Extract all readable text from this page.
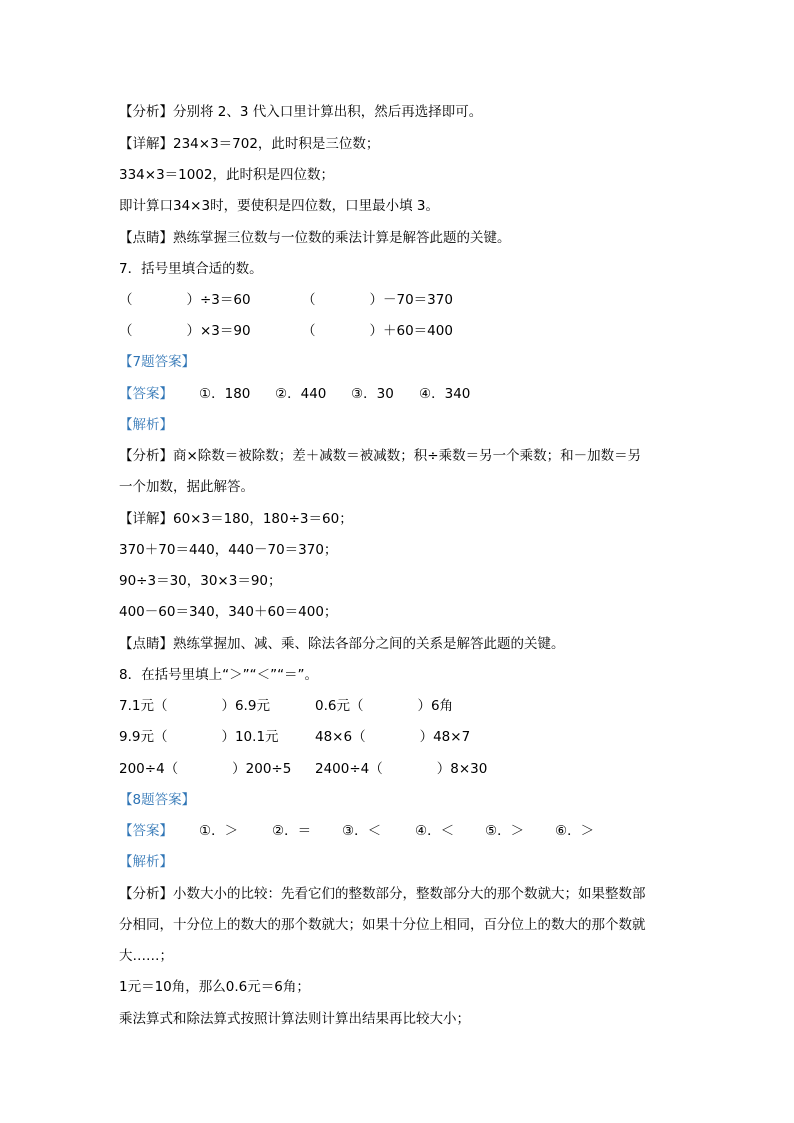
【分析】分别将 2、3 代入口里计算出积，然后再选择即可。
【详解】234×3＝702，此时积是三位数；
334×3＝1002，此时积是四位数；
即计算口34×3时，要使积是四位数，口里最小填 3。
【点睛】熟练掌握三位数与一位数的乘法计算是解答此题的关键。
7．括号里填合适的数。
（　　　　）÷3＝60	（　　　　）－70＝370
（　　　　）×3＝90	（　　　　）＋60＝400
【7题答案】
【答案】 ①．180 ②．440 ③．30 ④．340
【解析】
【分析】商×除数＝被除数；差＋减数＝被减数；积÷乘数＝另一个乘数；和－加数＝另
一个加数，据此解答。
【详解】60×3＝180，180÷3＝60；
370＋70＝440，440－70＝370；
90÷3＝30，30×3＝90；
400－60＝340，340＋60＝400；
【点睛】熟练掌握加、减、乘、除法各部分之间的关系是解答此题的关键。
8．在括号里填上“＞”“＜”“＝”。
7.1元（　　　　）6.9元	0.6元（　　　　）6角
9.9元（　　　　）10.1元	48×6（　　　　）48×7
200÷4（　　　　）200÷5 2400÷4（　　　　）8×30
【8题答案】
【答案】 ①．＞	②．＝ ③．＜	④．＜ ⑤．＞ ⑥．＞
【解析】
【分析】小数大小的比较：先看它们的整数部分，整数部分大的那个数就大；如果整数部
分相同，十分位上的数大的那个数就大；如果十分位上相同，百分位上的数大的那个数就
大……；
1元＝10角，那么0.6元＝6角；
乘法算式和除法算式按照计算法则计算出结果再比较大小；
